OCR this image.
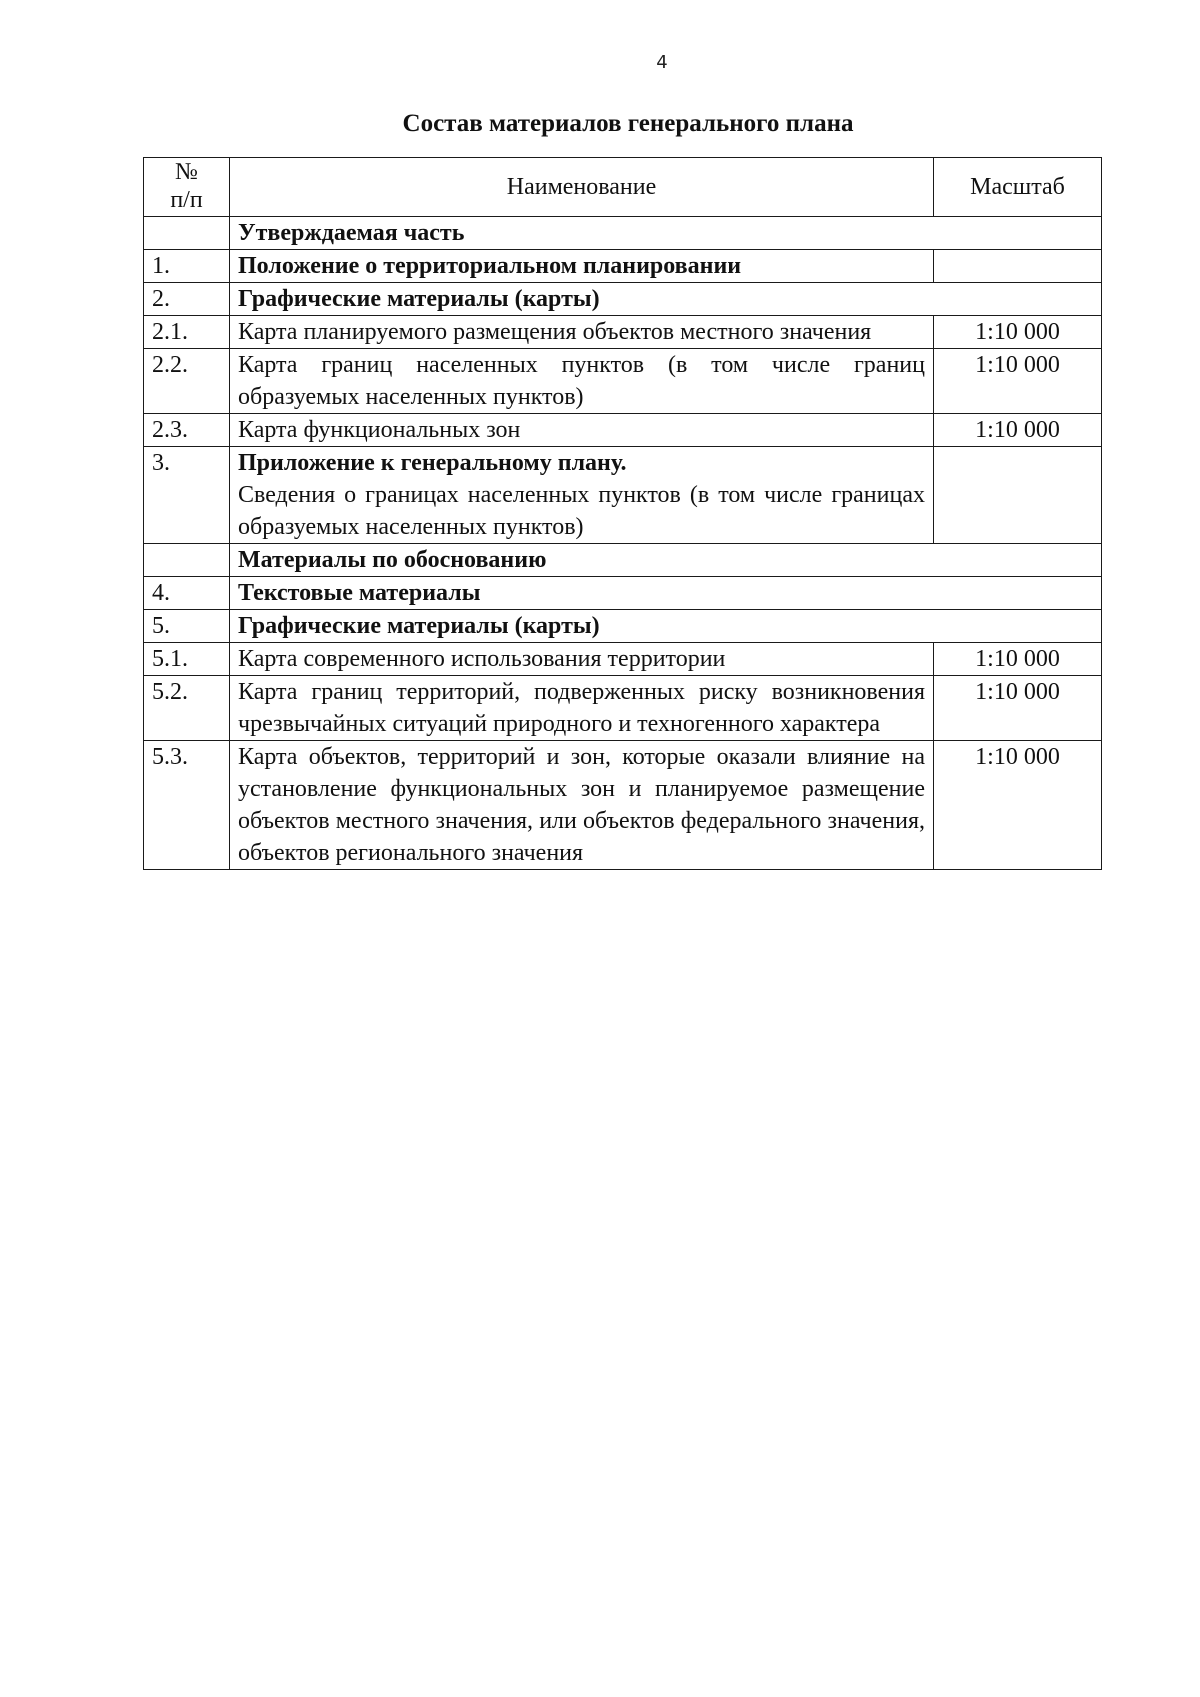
4
Состав материалов генерального плана
№
п/п	Наименование	Масштаб
	Утверждаемая часть	
1.	Положение о территориальном планировании	
2.	Графические материалы (карты)	
2.1.	Карта планируемого размещения объектов местного значения	1:10 000
2.2.	Карта границ населенных пунктов (в том числе границ образуемых населенных пунктов)	1:10 000
2.3.	Карта функциональных зон	1:10 000
3.	Приложение к генеральному плану.
Сведения о границах населенных пунктов (в том числе границах образуемых населенных пунктов)	

	Материалы по обоснованию	
4.	Текстовые материалы	
5.	Графические материалы (карты)	
5.1.	Карта современного использования территории	1:10 000
5.2.	Карта границ территорий, подверженных риску возникновения чрезвычайных ситуаций природного и техногенного характера	1:10 000
5.3.	Карта объектов, территорий и зон, которые оказали влияние на установление функциональных зон и планируемое размещение объектов местного значения, или объектов федерального значения, объектов регионального значения	1:10 000
